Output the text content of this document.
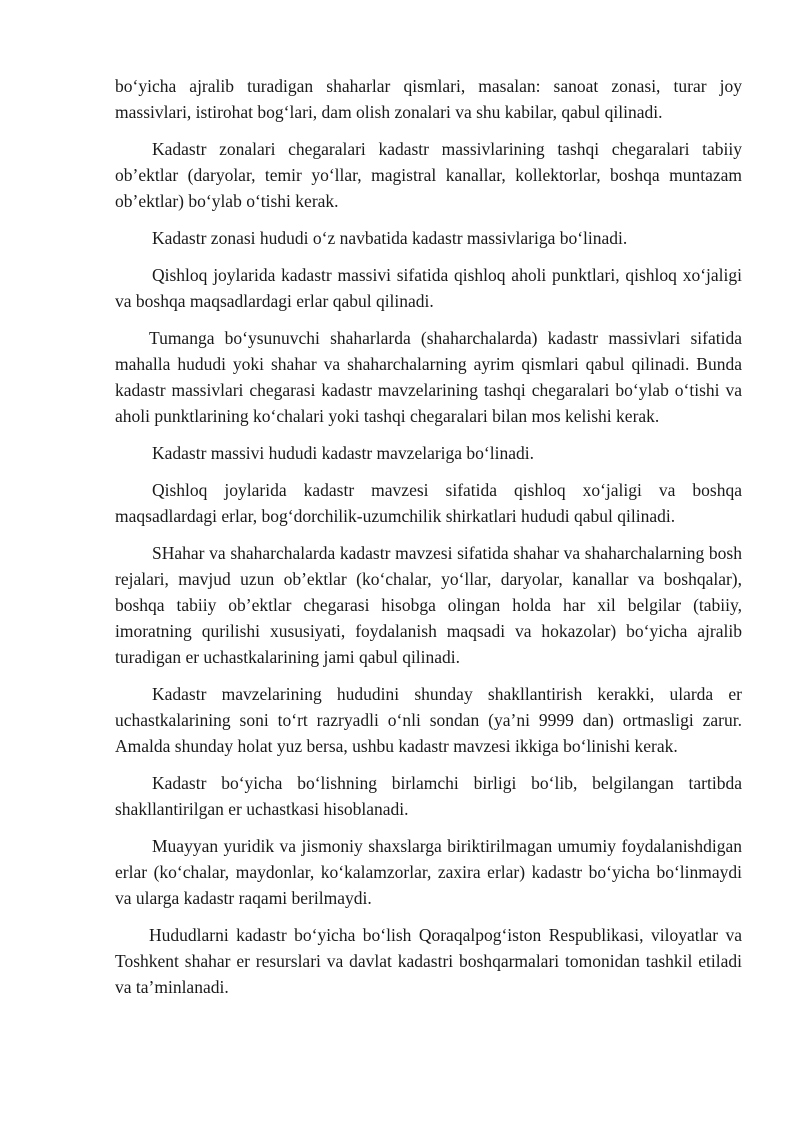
bo‘yicha ajralib turadigan shaharlar qismlari, masalan: sanoat zonasi, turar joy massivlari, istirohat bog‘lari, dam olish zonalari va shu kabilar, qabul qilinadi.

Kadastr zonalari chegaralari kadastr massivlarining tashqi chegaralari tabiiy ob’ektlar (daryolar, temir yo‘llar, magistral kanallar, kollektorlar, boshqa muntazam ob’ektlar) bo‘ylab o‘tishi kerak.

Kadastr zonasi hududi o‘z navbatida kadastr massivlariga bo‘linadi.

Qishloq joylarida kadastr massivi sifatida qishloq aholi punktlari, qishloq xo‘jaligi va boshqa maqsadlardagi erlar qabul qilinadi.

Tumanga bo‘ysunuvchi shaharlarda (shaharchalarda) kadastr massivlari sifatida mahalla hududi yoki shahar va shaharchalarning ayrim qismlari qabul qilinadi. Bunda kadastr massivlari chegarasi kadastr mavzelarining tashqi chegaralari bo‘ylab o‘tishi va aholi punktlarining ko‘chalari yoki tashqi chegaralari bilan mos kelishi kerak.

Kadastr massivi hududi kadastr mavzelariga bo‘linadi.

Qishloq joylarida kadastr mavzesi sifatida qishloq xo‘jaligi va boshqa maqsadlardagi erlar, bog‘dorchilik-uzumchilik shirkatlari hududi qabul qilinadi.

SHahar va shaharchalarda kadastr mavzesi sifatida shahar va shaharchalarning bosh rejalari, mavjud uzun ob’ektlar (ko‘chalar, yo‘llar, daryolar, kanallar va boshqalar), boshqa tabiiy ob’ektlar chegarasi hisobga olingan holda har xil belgilar (tabiiy, imoratning qurilishi xususiyati, foydalanish maqsadi va hokazolar) bo‘yicha ajralib turadigan er uchastkalarining jami qabul qilinadi.

Kadastr mavzelarining hududini shunday shakllantirish kerakki, ularda er uchastkalarining soni to‘rt razryadli o‘nli sondan (ya’ni 9999 dan) ortmasligi zarur. Amalda shunday holat yuz bersa, ushbu kadastr mavzesi ikkiga bo‘linishi kerak.

Kadastr bo‘yicha bo‘lishning birlamchi birligi bo‘lib, belgilangan tartibda shakllantirilgan er uchastkasi hisoblanadi.

Muayyan yuridik va jismoniy shaxslarga biriktirilmagan umumiy foydalanishdigan erlar (ko‘chalar, maydonlar, ko‘kalamzorlar, zaxira erlar) kadastr bo‘yicha bo‘linmaydi va ularga kadastr raqami berilmaydi.

Hududlarni kadastr bo‘yicha bo‘lish Qoraqalpog‘iston Respublikasi, viloyatlar va Toshkent shahar er resurslari va davlat kadastri boshqarmalari tomonidan tashkil etiladi va ta’minlanadi.
